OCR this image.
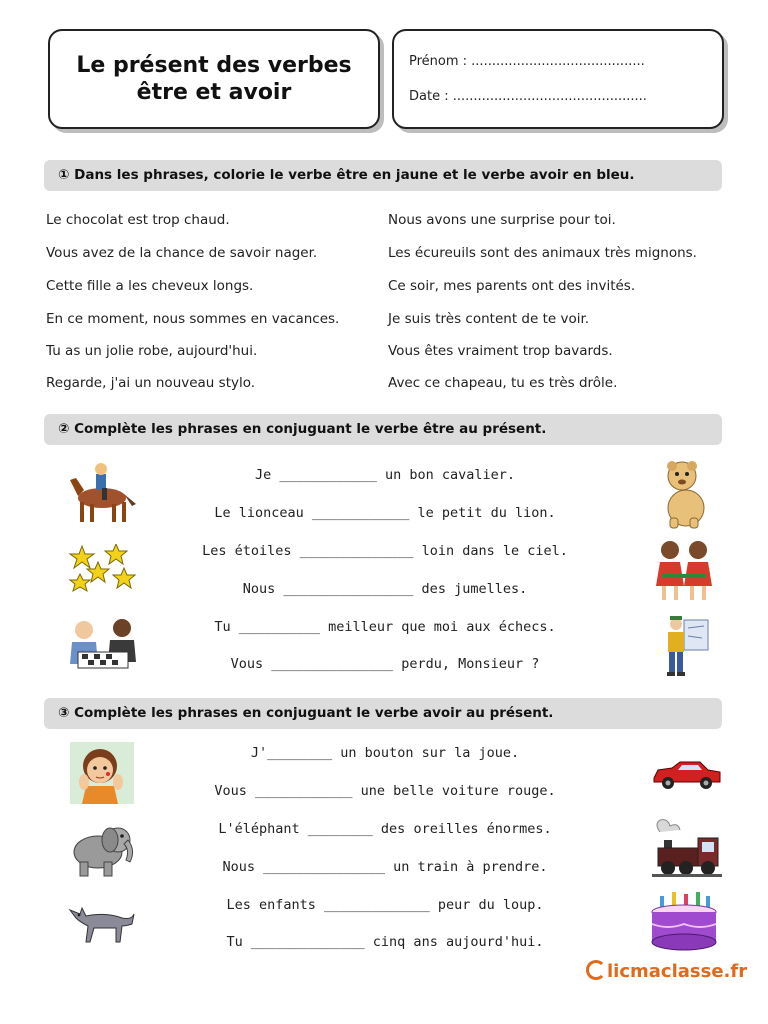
Le présent des verbes
être et avoir
Prénom : ..........................................
Date : ...............................................
① Dans les phrases, colorie le verbe être en jaune et le verbe avoir en bleu.
Le chocolat est trop chaud.
Vous avez de la chance de savoir nager.
Cette fille a les cheveux longs.
En ce moment, nous sommes en vacances.
Tu as un jolie robe, aujourd'hui.
Regarde, j'ai un nouveau stylo.
Nous avons une surprise pour toi.
Les écureuils sont des animaux très mignons.
Ce soir, mes parents ont des invités.
Je suis très content de te voir.
Vous êtes vraiment trop bavards.
Avec ce chapeau, tu es très drôle.
② Complète les phrases en conjuguant le verbe être au présent.
Je ____________ un bon cavalier.
Le lionceau ____________ le petit du lion.
Les étoiles ______________ loin dans le ciel.
Nous ________________ des jumelles.
Tu __________ meilleur que moi aux échecs.
Vous _______________ perdu, Monsieur ?
③ Complète les phrases en conjuguant le verbe avoir au présent.
J'________ un bouton sur la joue.
Vous ____________ une belle voiture rouge.
L'éléphant ________ des oreilles énormes.
Nous _______________ un train à prendre.
Les enfants _____________ peur du loup.
Tu ______________ cinq ans aujourd'hui.
licmaclasse.fr
